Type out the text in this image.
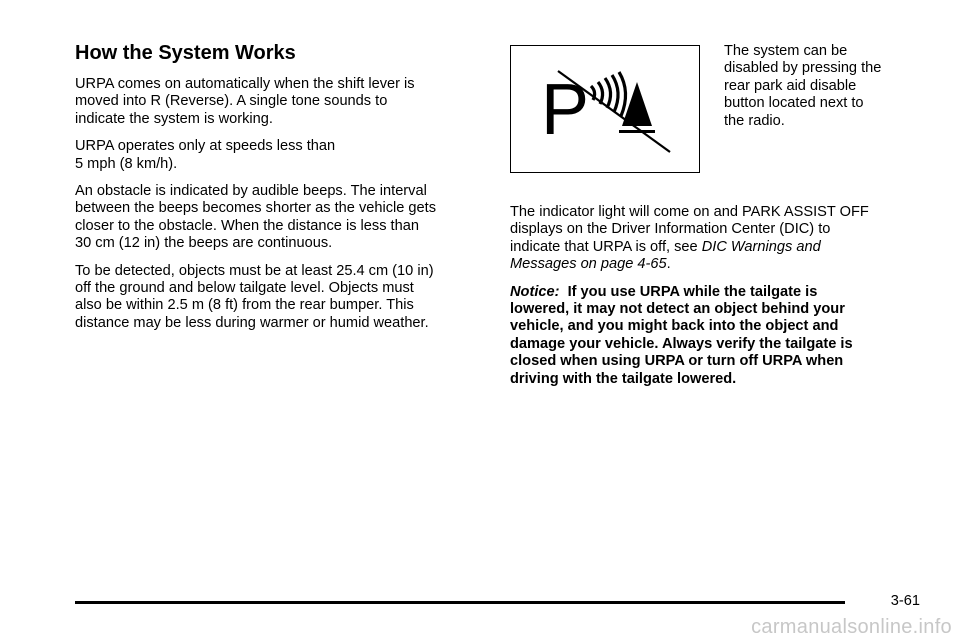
How the System Works

URPA comes on automatically when the shift lever is
moved into R (Reverse). A single tone sounds to
indicate the system is working.

URPA operates only at speeds less than
5 mph (8 km/h).

An obstacle is indicated by audible beeps. The interval
between the beeps becomes shorter as the vehicle gets
closer to the obstacle. When the distance is less than
30 cm (12 in) the beeps are continuous.

To be detected, objects must be at least 25.4 cm (10 in)
off the ground and below tailgate level. Objects must
also be within 2.5 m (8 ft) from the rear bumper. This
distance may be less during warmer or humid weather.

P
The system can be
disabled by pressing the
rear park aid disable
button located next to
the radio.

The indicator light will come on and PARK ASSIST OFF
displays on the Driver Information Center (DIC) to
indicate that URPA is off, see DIC Warnings and
Messages on page 4-65.

Notice: If you use URPA while the tailgate is
lowered, it may not detect an object behind your
vehicle, and you might back into the object and
damage your vehicle. Always verify the tailgate is
closed when using URPA or turn off URPA when
driving with the tailgate lowered.

3-61
carmanualsonline.info
